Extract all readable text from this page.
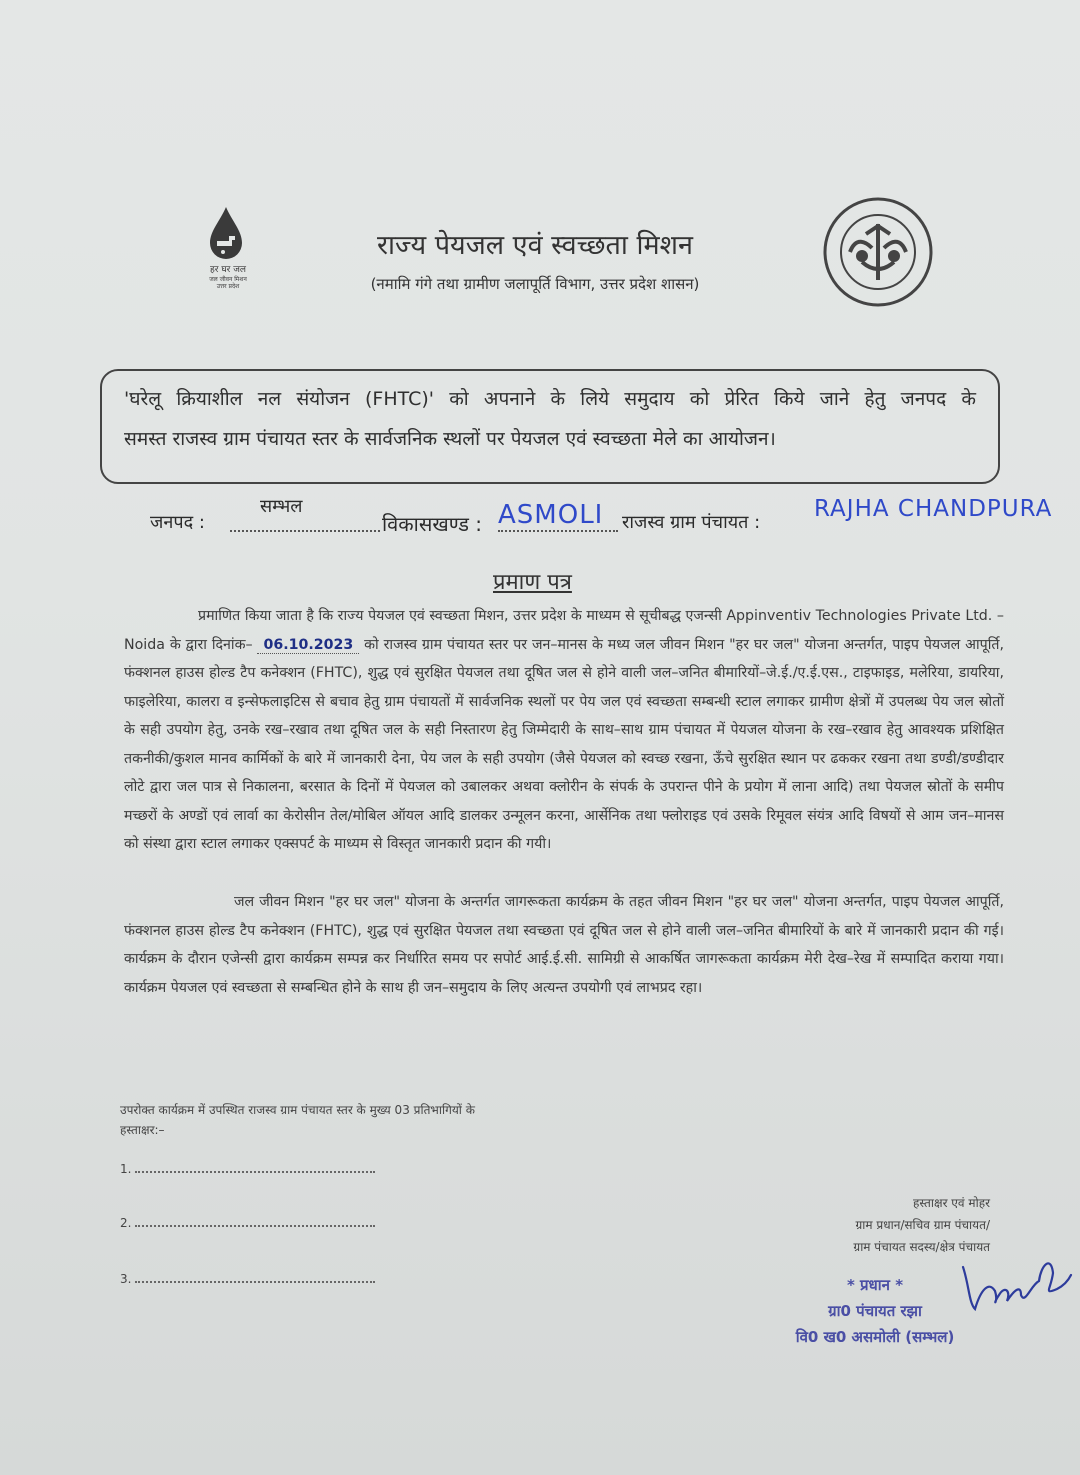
हर घर जल

जल जीवन मिशन
उत्तर प्रदेश
राज्य पेयजल एवं स्वच्छता मिशन
(नमामि गंगे तथा ग्रामीण जलापूर्ति विभाग, उत्तर प्रदेश शासन)

'घरेलू क्रियाशील नल संयोजन (FHTC)' को अपनाने के लिये समुदाय को प्रेरित किये जाने हेतु जनपद के

समस्त राजस्व ग्राम पंचायत स्तर के सार्वजनिक स्थलों पर पेयजल एवं स्वच्छता मेले का आयोजन।

जनपद :
सम्भल
विकासखण्ड : ASMOLI राजस्व ग्राम पंचायत :
RAJHA CHANDPURA
प्रमाण पत्र
प्रमाणित किया जाता है कि राज्य पेयजल एवं स्वच्छता मिशन, उत्तर प्रदेश के माध्यम से सूचीबद्ध एजन्सी Appinventiv Technologies Private Ltd. – Noida के द्वारा दिनांक– 06.10.2023 को राजस्व ग्राम पंचायत स्तर पर जन–मानस के मध्य जल जीवन मिशन "हर घर जल" योजना अन्तर्गत, पाइप पेयजल आपूर्ति, फंक्शनल हाउस होल्ड टैप कनेक्शन (FHTC), शुद्ध एवं सुरक्षित पेयजल तथा दूषित जल से होने वाली जल–जनित बीमारियों–जे.ई./ए.ई.एस., टाइफाइड, मलेरिया, डायरिया, फाइलेरिया, कालरा व इन्सेफलाइटिस से बचाव हेतु ग्राम पंचायतों में सार्वजनिक स्थलों पर पेय जल एवं स्वच्छता सम्बन्धी स्टाल लगाकर ग्रामीण क्षेत्रों में उपलब्ध पेय जल स्रोतों के सही उपयोग हेतु, उनके रख–रखाव तथा दूषित जल के सही निस्तारण हेतु जिम्मेदारी के साथ–साथ ग्राम पंचायत में पेयजल योजना के रख–रखाव हेतु आवश्यक प्रशिक्षित तकनीकी/कुशल मानव कार्मिकों के बारे में जानकारी देना, पेय जल के सही उपयोग (जैसे पेयजल को स्वच्छ रखना, ऊँचे सुरक्षित स्थान पर ढककर रखना तथा डण्डी/डण्डीदार लोटे द्वारा जल पात्र से निकालना, बरसात के दिनों में पेयजल को उबालकर अथवा क्लोरीन के संपर्क के उपरान्त पीने के प्रयोग में लाना आदि) तथा पेयजल स्रोतों के समीप मच्छरों के अण्डों एवं लार्वा का केरोसीन तेल/मोबिल ऑयल आदि डालकर उन्मूलन करना, आर्सेनिक तथा फ्लोराइड एवं उसके रिमूवल संयंत्र आदि विषयों से आम जन–मानस को संस्था द्वारा स्टाल लगाकर एक्सपर्ट के माध्यम से विस्तृत जानकारी प्रदान की गयी।
जल जीवन मिशन "हर घर जल" योजना के अन्तर्गत जागरूकता कार्यक्रम के तहत जीवन मिशन "हर घर जल" योजना अन्तर्गत, पाइप पेयजल आपूर्ति, फंक्शनल हाउस होल्ड टैप कनेक्शन (FHTC), शुद्ध एवं सुरक्षित पेयजल तथा स्वच्छता एवं दूषित जल से होने वाली जल–जनित बीमारियों के बारे में जानकारी प्रदान की गई। कार्यक्रम के दौरान एजेन्सी द्वारा कार्यक्रम सम्पन्न कर निर्धारित समय पर सपोर्ट आई.ई.सी. सामिग्री से आकर्षित जागरूकता कार्यक्रम मेरी देख–रेख में सम्पादित कराया गया। कार्यक्रम पेयजल एवं स्वच्छता से सम्बन्धित होने के साथ ही जन–समुदाय के लिए अत्यन्त उपयोगी एवं लाभप्रद रहा।
उपरोक्त कार्यक्रम में उपस्थित राजस्व ग्राम पंचायत स्तर के मुख्य 03 प्रतिभागियों के
हस्ताक्षर:–
1.
2.
3.
हस्ताक्षर एवं मोहर
ग्राम प्रधान/सचिव ग्राम पंचायत/
ग्राम पंचायत सदस्य/क्षेत्र पंचायत
* प्रधान *
ग्रा0 पंचायत रझा
वि0 ख0 असमोली (सम्भल)
